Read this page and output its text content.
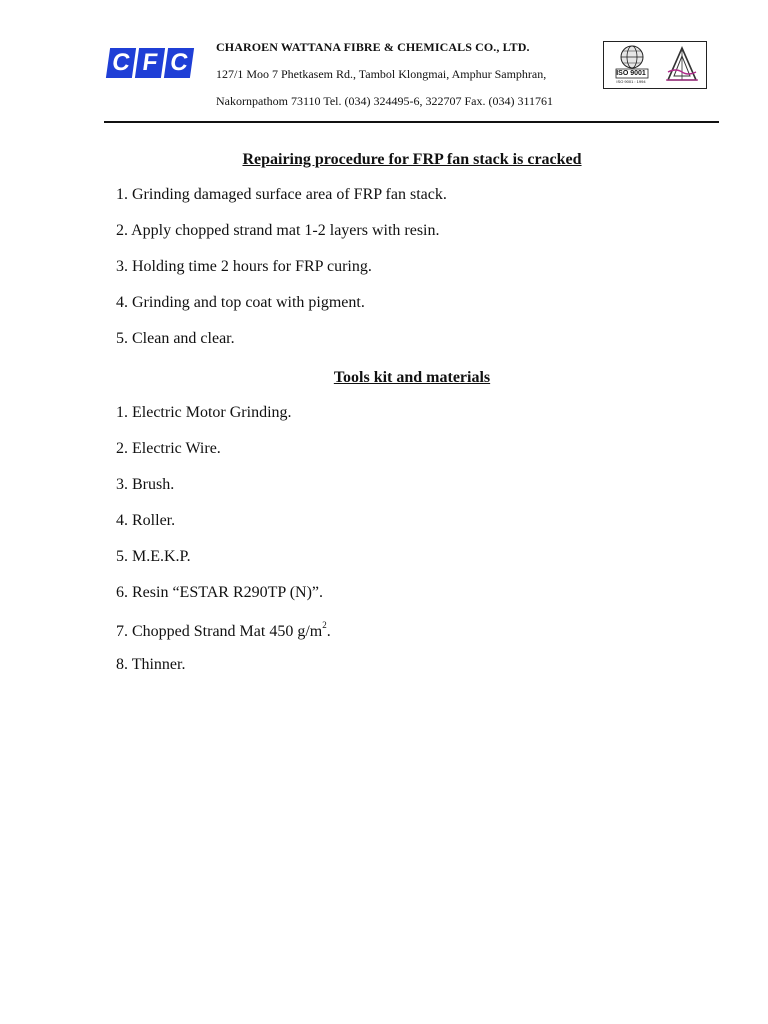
C F C
CHAROEN WATTANA FIBRE & CHEMICALS CO., LTD.
127/1 Moo 7 Phetkasem Rd., Tambol Klongmai, Amphur Samphran,
Nakornpathom 73110 Tel. (034) 324495-6, 322707 Fax. (034) 311761
ISO 9001
ISO 9001 : 1994
Repairing procedure for FRP fan stack is cracked
1. Grinding damaged surface area of FRP fan stack.
2. Apply chopped strand mat 1-2 layers with resin.
3. Holding time 2 hours for FRP curing.
4. Grinding and top coat with pigment.
5. Clean and clear.
Tools kit and materials
1. Electric Motor Grinding.
2. Electric Wire.
3. Brush.
4. Roller.
5. M.E.K.P.
6. Resin “ESTAR R290TP (N)”.
7. Chopped Strand Mat 450 $g/m^2$.
8. Thinner.
